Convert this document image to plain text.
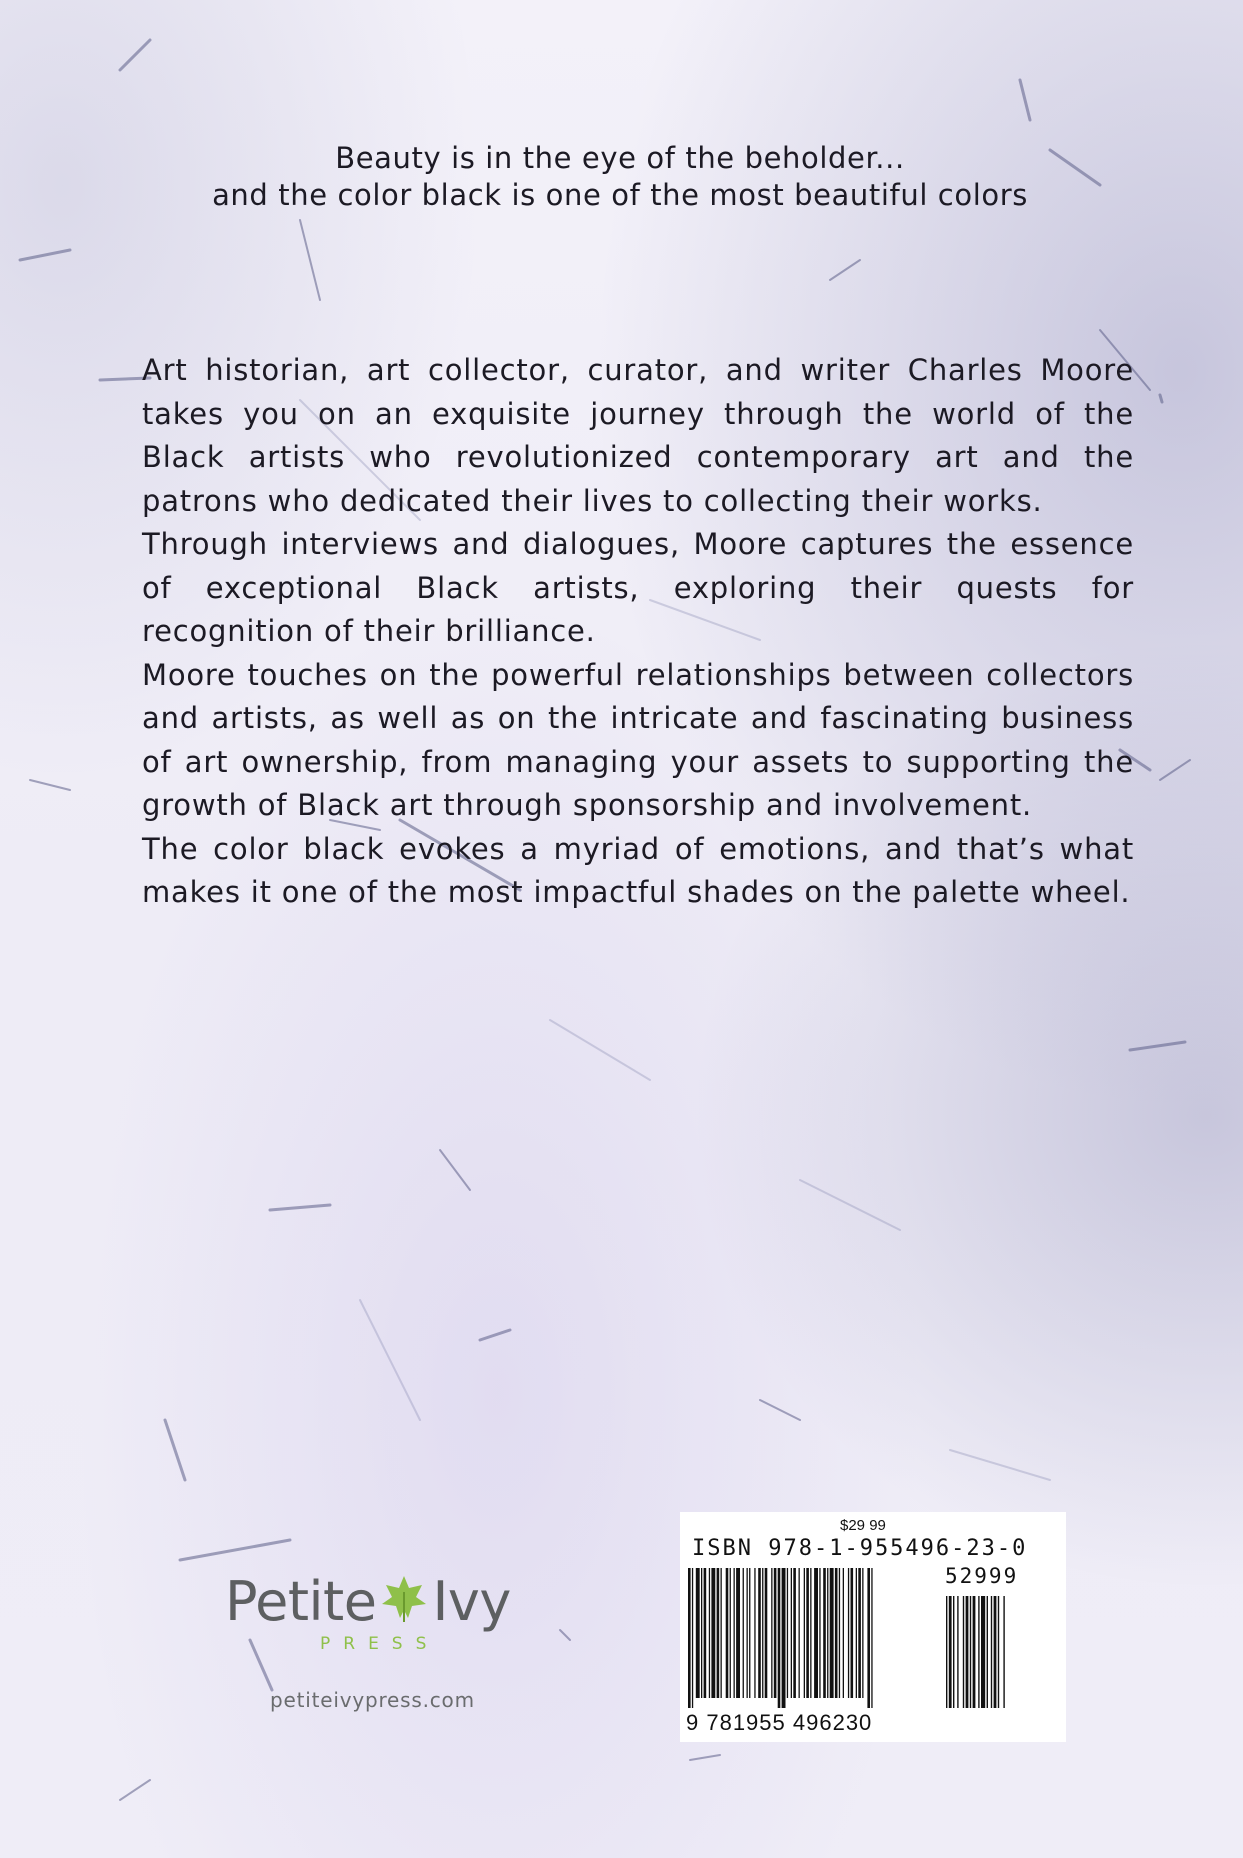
Beauty is in the eye of the beholder...
and the color black is one of the most beautiful colors

Art historian, art collector, curator, and writer Charles Moore takes you on an exquisite journey through the world of the Black artists who revolutionized contemporary art and the patrons who dedicated their lives to collecting their works.

Through interviews and dialogues, Moore captures the essence of exceptional Black artists, exploring their quests for recognition of their brilliance.

Moore touches on the powerful relationships between collectors and artists, as well as on the intricate and fascinating business of art ownership, from managing your assets to supporting the growth of Black art through sponsorship and involvement.

The color black evokes a myriad of emotions, and that’s what makes it one of the most impactful shades on the palette wheel.

Petite Ivy
PRESS
petiteivypress.com
$29 99
ISBN 978-1-955496-23-0
52999
9 781955 496230
